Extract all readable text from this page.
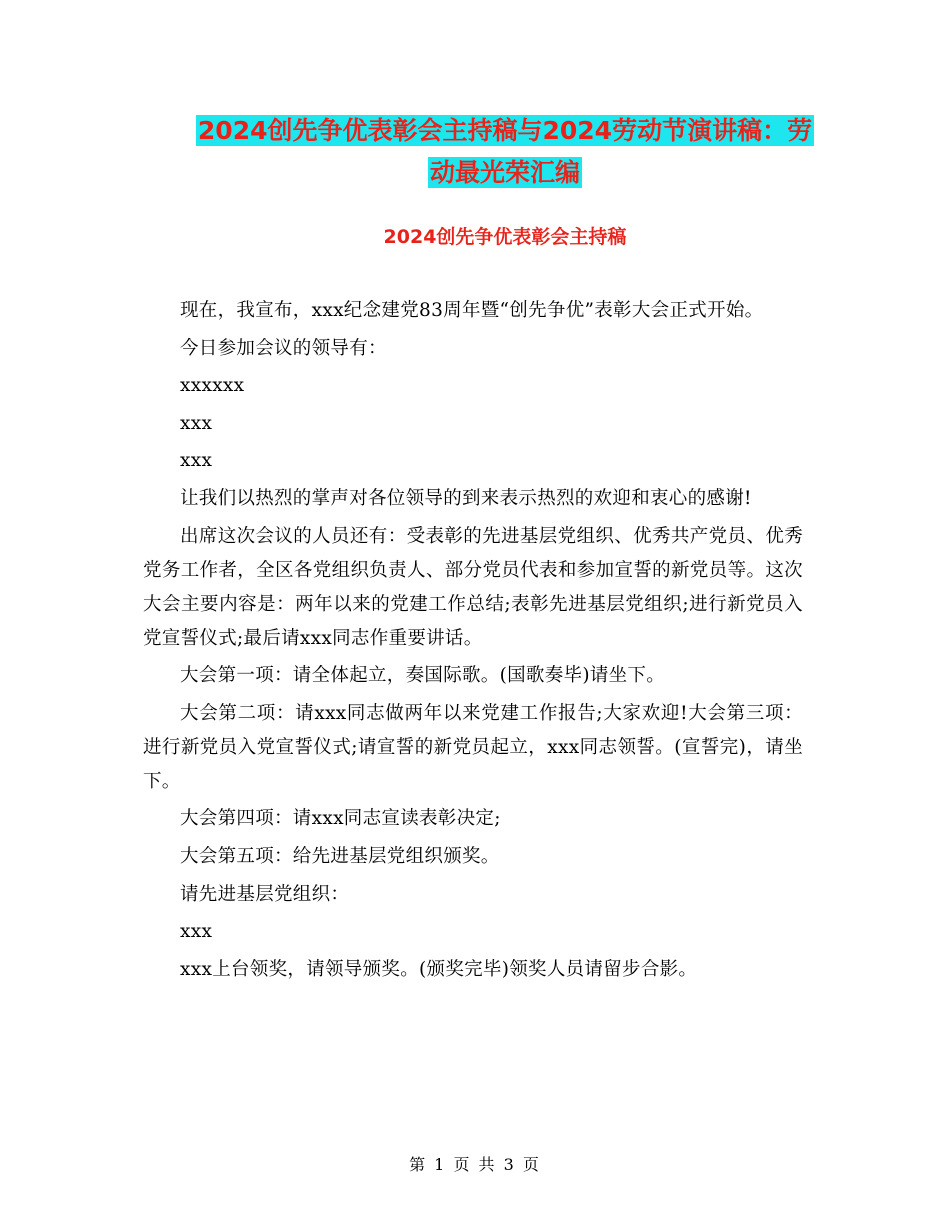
2024创先争优表彰会主持稿与2024劳动节演讲稿：劳
动最光荣汇编
2024创先争优表彰会主持稿

现在，我宣布，xxx纪念建党83周年暨“创先争优”表彰大会正式开始。

今日参加会议的领导有：

xxxxxx

xxx

xxx

让我们以热烈的掌声对各位领导的到来表示热烈的欢迎和衷心的感谢!

出席这次会议的人员还有：受表彰的先进基层党组织、优秀共产党员、优秀党务工作者，全区各党组织负责人、部分党员代表和参加宣誓的新党员等。这次大会主要内容是：两年以来的党建工作总结;表彰先进基层党组织;进行新党员入党宣誓仪式;最后请xxx同志作重要讲话。

大会第一项：请全体起立，奏国际歌。(国歌奏毕)请坐下。

大会第二项：请xxx同志做两年以来党建工作报告;大家欢迎!大会第三项：进行新党员入党宣誓仪式;请宣誓的新党员起立，xxx同志领誓。(宣誓完)，请坐下。

大会第四项：请xxx同志宣读表彰决定;

大会第五项：给先进基层党组织颁奖。

请先进基层党组织：

xxx

xxx上台领奖，请领导颁奖。(颁奖完毕)领奖人员请留步合影。

第 1 页 共 3 页
